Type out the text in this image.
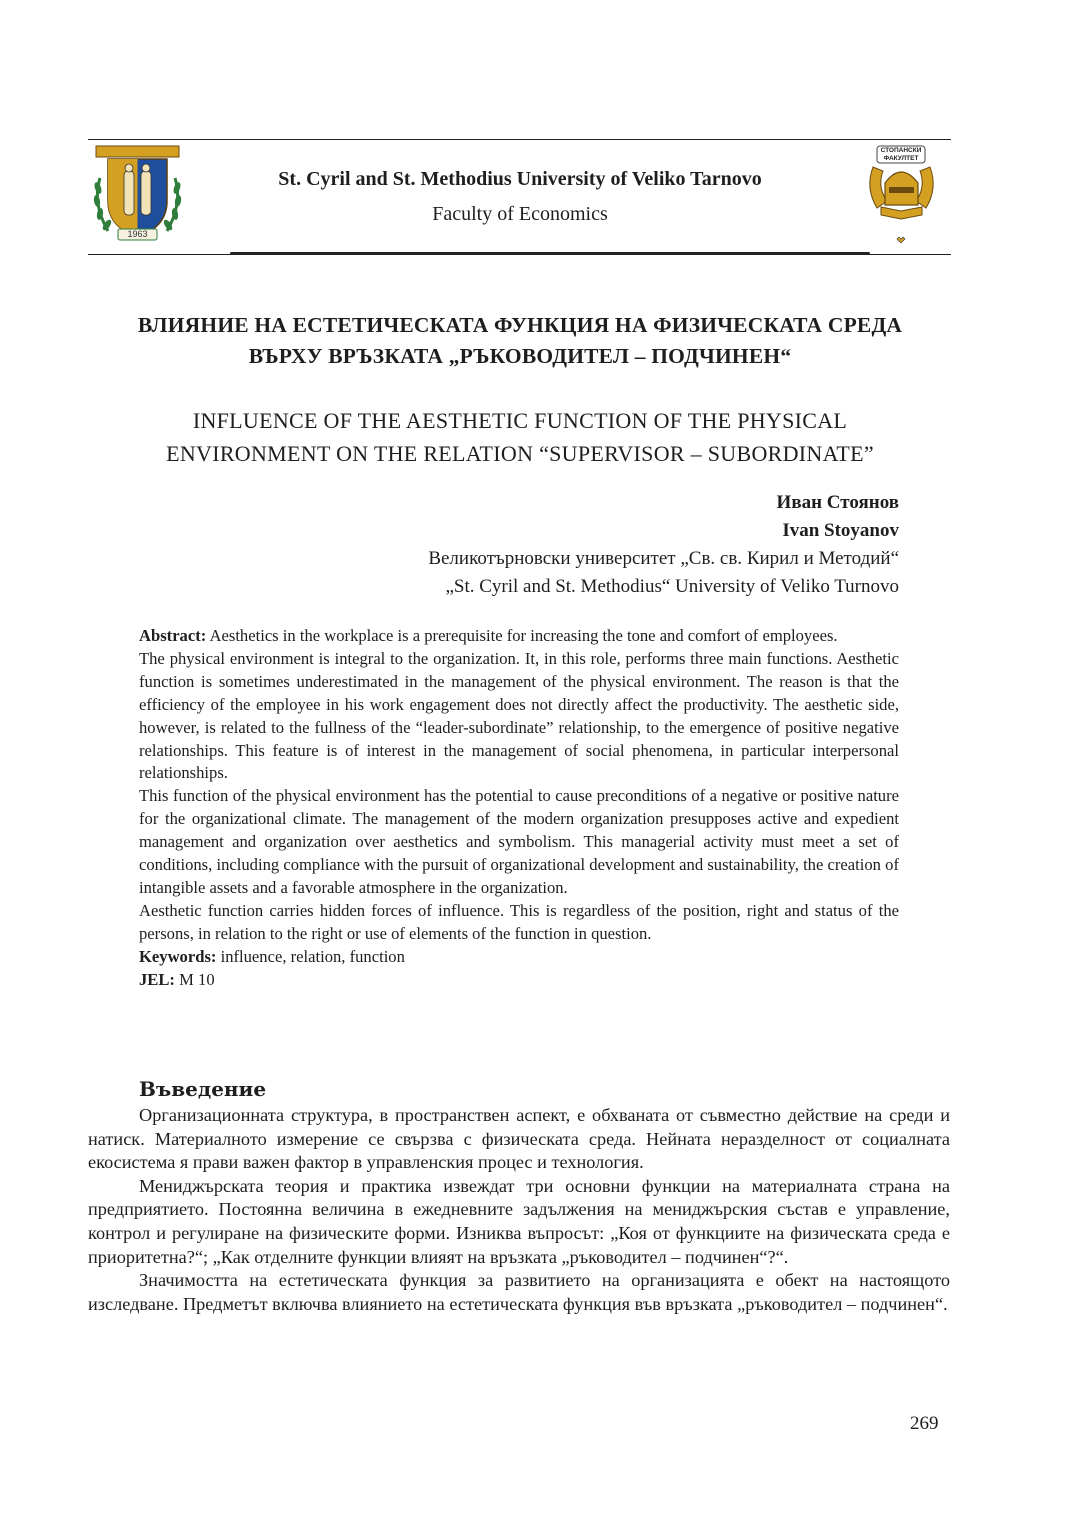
1963
St. Cyril and St. Methodius University of Veliko Tarnovo
Faculty of Economics
СТОПАНСКИ ФАКУЛТЕТ
ВЛИЯНИЕ НА ЕСТЕТИЧЕСКАТА ФУНКЦИЯ НА ФИЗИЧЕСКАТА СРЕДА
ВЪРХУ ВРЪЗКАТА „РЪКОВОДИТЕЛ – ПОДЧИНЕН“
INFLUENCE OF THE AESTHETIC FUNCTION OF THE PHYSICAL
ENVIRONMENT ON THE RELATION “SUPERVISOR – SUBORDINATE”
Иван Стоянов
Ivan Stoyanov
Великотърновски университет „Св. св. Кирил и Методий“
„St. Cyril and St. Methodius“ University of Veliko Turnovo

Abstract: Aesthetics in the workplace is a prerequisite for increasing the tone and comfort of employees.

The physical environment is integral to the organization. It, in this role, performs three main functions. Aesthetic function is sometimes underestimated in the management of the physical environment. The reason is that the efficiency of the employee in his work engagement does not directly affect the productivity. The aesthetic side, however, is related to the fullness of the “leader-subordinate” relationship, to the emergence of positive negative relationships. This feature is of interest in the management of social phenomena, in particular interpersonal relationships.

This function of the physical environment has the potential to cause preconditions of a negative or positive nature for the organizational climate. The management of the modern organization presupposes active and expedient management and organization over aesthetics and symbolism. This managerial activity must meet a set of conditions, including compliance with the pursuit of organizational development and sustainability, the creation of intangible assets and a favorable atmosphere in the organization.

Aesthetic function carries hidden forces of influence. This is regardless of the position, right and status of the persons, in relation to the right or use of elements of the function in question.

Keywords: influence, relation, function

JEL: M 10

Въведение

Организационната структура, в пространствен аспект, е обхваната от съвместно действие на среди и натиск. Материалното измерение се свързва с физическата среда. Нейната неразделност от социалната екосистема я прави важен фактор в управленския процес и технология.

Мениджърската теория и практика извеждат три основни функции на материалната страна на предприятието. Постоянна величина в ежедневните задължения на мениджърския състав е управление, контрол и регулиране на физическите форми. Изниква въпросът: „Коя от функциите на физическата среда е приоритетна?“; „Как отделните функции влияят на връзката „ръководител – подчинен“?“.

Значимостта на естетическата функция за развитието на организацията е обект на настоящото изследване. Предметът включва влиянието на естетическата функция във връзката „ръководител – подчинен“.

269
